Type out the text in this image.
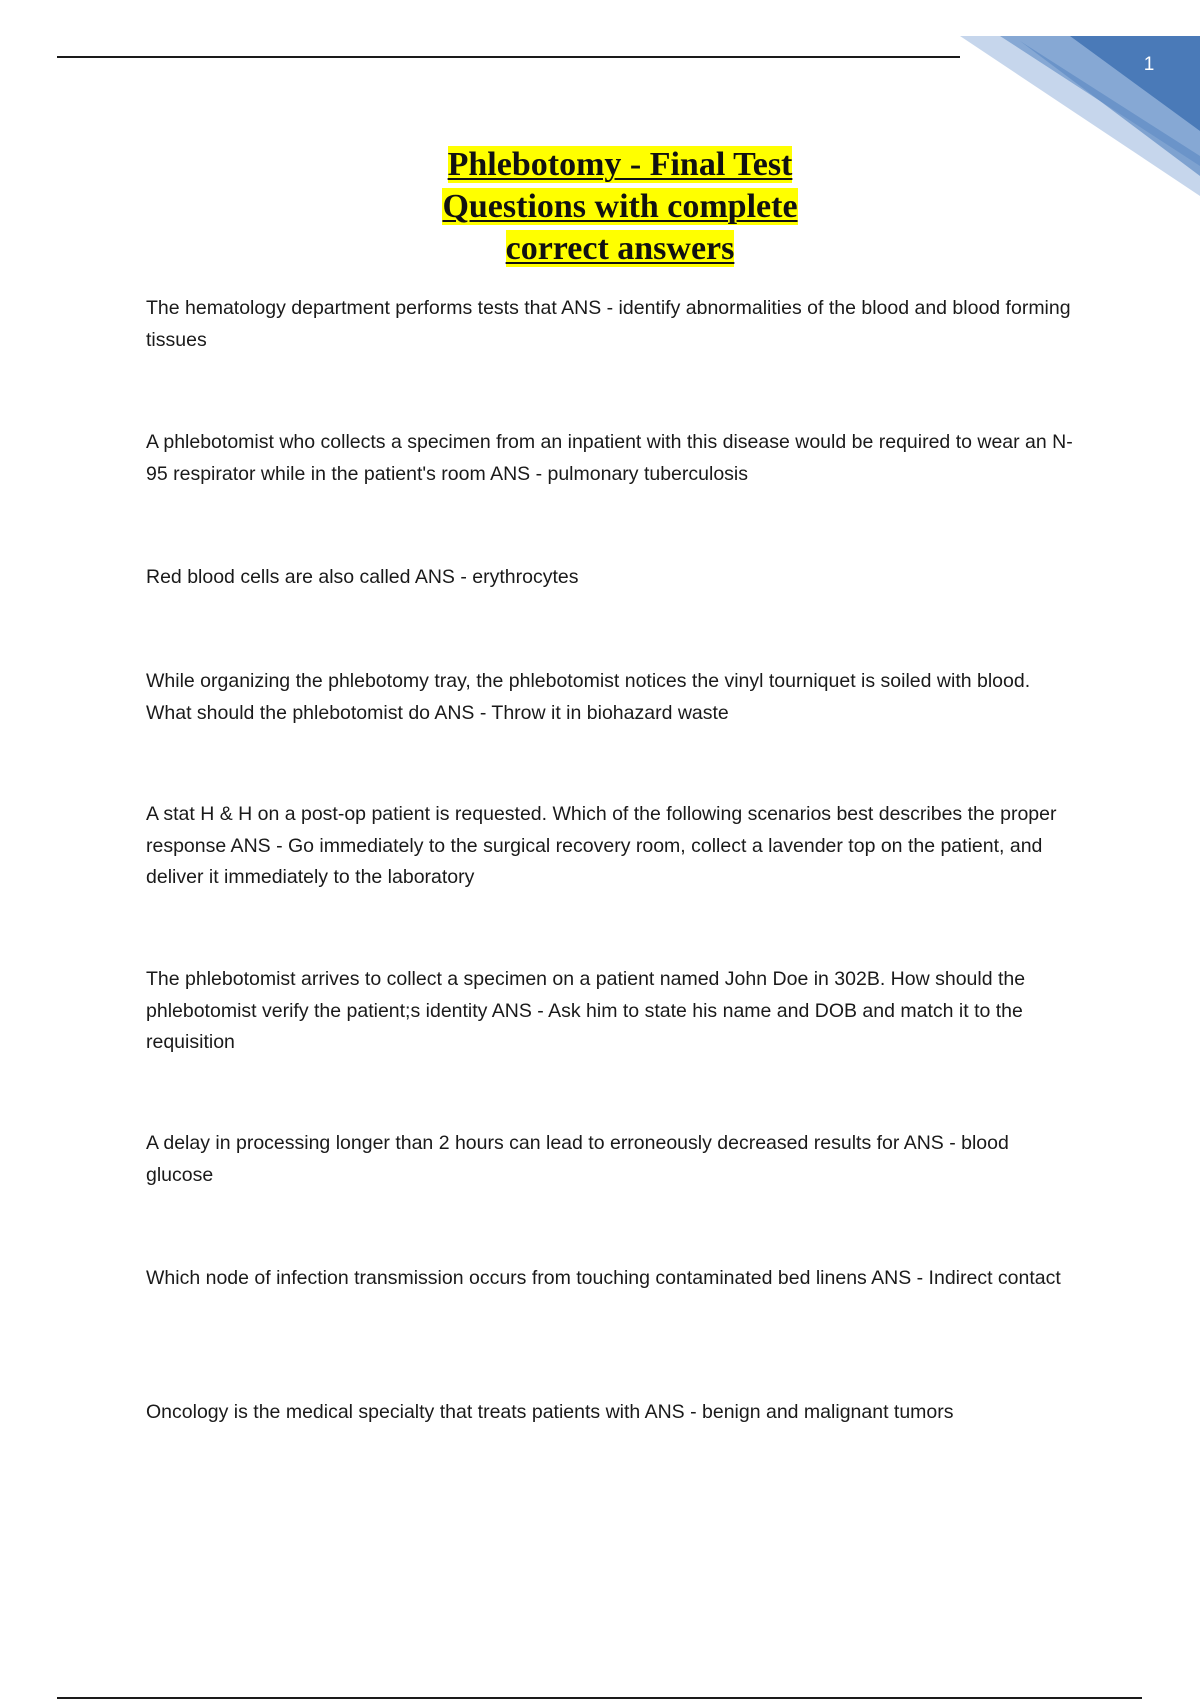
1
Phlebotomy - Final Test
Questions with complete
correct answers

The hematology department performs tests that ANS - identify abnormalities of the blood and blood forming tissues

A phlebotomist who collects a specimen from an inpatient with this disease would be required to wear an N-95 respirator while in the patient's room ANS - pulmonary tuberculosis

Red blood cells are also called ANS - erythrocytes

While organizing the phlebotomy tray, the phlebotomist notices the vinyl tourniquet is soiled with blood. What should the phlebotomist do ANS - Throw it in biohazard waste

A stat H & H on a post-op patient is requested. Which of the following scenarios best describes the proper response ANS - Go immediately to the surgical recovery room, collect a lavender top on the patient, and deliver it immediately to the laboratory

The phlebotomist arrives to collect a specimen on a patient named John Doe in 302B. How should the phlebotomist verify the patient;s identity ANS - Ask him to state his name and DOB and match it to the requisition

A delay in processing longer than 2 hours can lead to erroneously decreased results for ANS - blood glucose

Which node of infection transmission occurs from touching contaminated bed linens ANS - Indirect contact

Oncology is the medical specialty that treats patients with ANS - benign and malignant tumors
